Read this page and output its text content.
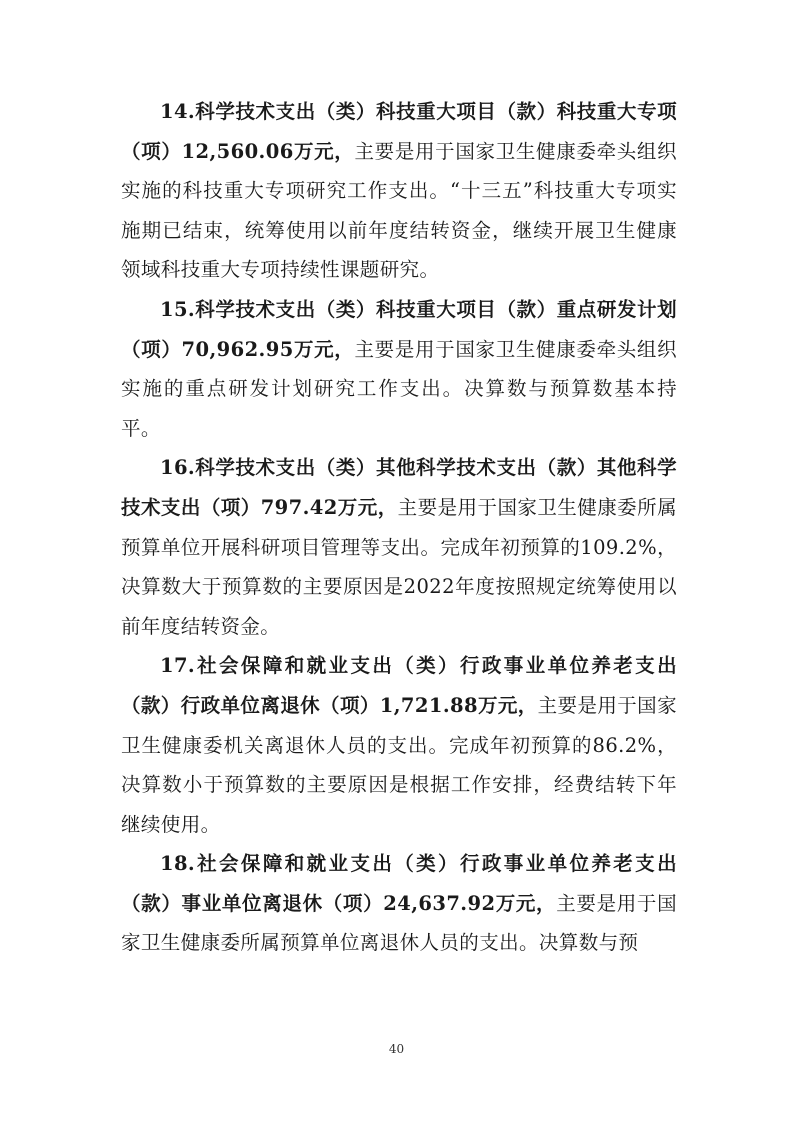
14.科学技术支出（类）科技重大项目（款）科技重大专项（项）12,560.06万元，主要是用于国家卫生健康委牵头组织实施的科技重大专项研究工作支出。“十三五”科技重大专项实施期已结束，统筹使用以前年度结转资金，继续开展卫生健康领域科技重大专项持续性课题研究。

15.科学技术支出（类）科技重大项目（款）重点研发计划（项）70,962.95万元，主要是用于国家卫生健康委牵头组织实施的重点研发计划研究工作支出。决算数与预算数基本持平。

16.科学技术支出（类）其他科学技术支出（款）其他科学技术支出（项）797.42万元，主要是用于国家卫生健康委所属预算单位开展科研项目管理等支出。完成年初预算的109.2%，决算数大于预算数的主要原因是2022年度按照规定统筹使用以前年度结转资金。

17.社会保障和就业支出（类）行政事业单位养老支出（款）行政单位离退休（项）1,721.88万元，主要是用于国家卫生健康委机关离退休人员的支出。完成年初预算的86.2%，决算数小于预算数的主要原因是根据工作安排，经费结转下年继续使用。

18.社会保障和就业支出（类）行政事业单位养老支出（款）事业单位离退休（项）24,637.92万元，主要是用于国家卫生健康委所属预算单位离退休人员的支出。决算数与预

40
